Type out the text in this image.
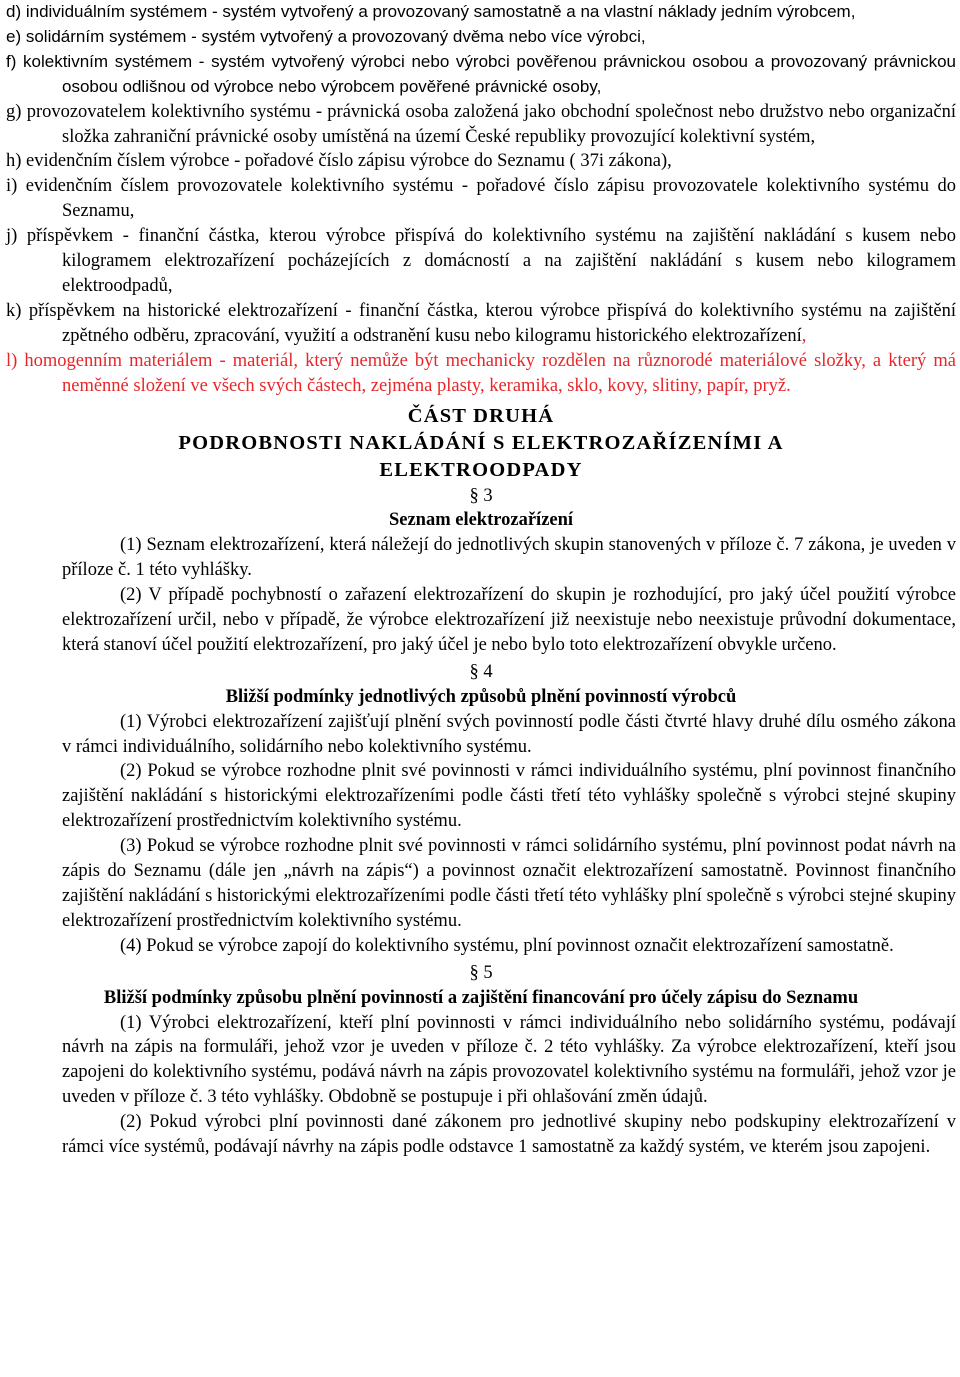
d) individuálním systémem - systém vytvořený a provozovaný samostatně a na vlastní náklady jedním výrobcem,

e) solidárním systémem - systém vytvořený a provozovaný dvěma nebo více výrobci,

f) kolektivním systémem - systém vytvořený výrobci nebo výrobci pověřenou právnickou osobou a provozovaný právnickou osobou odlišnou od výrobce nebo výrobcem pověřené právnické osoby,

g) provozovatelem kolektivního systému - právnická osoba založená jako obchodní společnost nebo družstvo nebo organizační složka zahraniční právnické osoby umístěná na území České republiky provozující kolektivní systém,

h) evidenčním číslem výrobce - pořadové číslo zápisu výrobce do Seznamu ( 37i zákona),

i) evidenčním číslem provozovatele kolektivního systému - pořadové číslo zápisu provozovatele kolektivního systému do Seznamu,

j) příspěvkem - finanční částka, kterou výrobce přispívá do kolektivního systému na zajištění nakládání s kusem nebo kilogramem elektrozařízení pocházejících z domácností a na zajištění nakládání s kusem nebo kilogramem elektroodpadů,

k) příspěvkem na historické elektrozařízení - finanční částka, kterou výrobce přispívá do kolektivního systému na zajištění zpětného odběru, zpracování, využití a odstranění kusu nebo kilogramu historického elektrozařízení,

l) homogenním materiálem - materiál, který nemůže být mechanicky rozdělen na různorodé materiálové složky, a který má neměnné složení ve všech svých částech, zejména plasty, keramika, sklo, kovy, slitiny, papír, pryž.

ČÁST DRUHÁ
PODROBNOSTI NAKLÁDÁNÍ S ELEKTROZAŘÍZENÍMI A ELEKTROODPADY
§ 3
Seznam elektrozařízení

(1) Seznam elektrozařízení, která náležejí do jednotlivých skupin stanovených v příloze č. 7 zákona, je uveden v příloze č. 1 této vyhlášky.

(2) V případě pochybností o zařazení elektrozařízení do skupin je rozhodující, pro jaký účel použití výrobce elektrozařízení určil, nebo v případě, že výrobce elektrozařízení již neexistuje nebo neexistuje průvodní dokumentace, která stanoví účel použití elektrozařízení, pro jaký účel je nebo bylo toto elektrozařízení obvykle určeno.

§ 4
Bližší podmínky jednotlivých způsobů plnění povinností výrobců

(1) Výrobci elektrozařízení zajišťují plnění svých povinností podle části čtvrté hlavy druhé dílu osmého zákona v rámci individuálního, solidárního nebo kolektivního systému.

(2) Pokud se výrobce rozhodne plnit své povinnosti v rámci individuálního systému, plní povinnost finančního zajištění nakládání s historickými elektrozařízeními podle části třetí této vyhlášky společně s výrobci stejné skupiny elektrozařízení prostřednictvím kolektivního systému.

(3) Pokud se výrobce rozhodne plnit své povinnosti v rámci solidárního systému, plní povinnost podat návrh na zápis do Seznamu (dále jen „návrh na zápis“) a povinnost označit elektrozařízení samostatně. Povinnost finančního zajištění nakládání s historickými elektrozařízeními podle části třetí této vyhlášky plní společně s výrobci stejné skupiny elektrozařízení prostřednictvím kolektivního systému.

(4) Pokud se výrobce zapojí do kolektivního systému, plní povinnost označit elektrozařízení samostatně.

§ 5
Bližší podmínky způsobu plnění povinností a zajištění financování pro účely zápisu do Seznamu

(1) Výrobci elektrozařízení, kteří plní povinnosti v rámci individuálního nebo solidárního systému, podávají návrh na zápis na formuláři, jehož vzor je uveden v příloze č. 2 této vyhlášky. Za výrobce elektrozařízení, kteří jsou zapojeni do kolektivního systému, podává návrh na zápis provozovatel kolektivního systému na formuláři, jehož vzor je uveden v příloze č. 3 této vyhlášky. Obdobně se postupuje i při ohlašování změn údajů.

(2) Pokud výrobci plní povinnosti dané zákonem pro jednotlivé skupiny nebo podskupiny elektrozařízení v rámci více systémů, podávají návrhy na zápis podle odstavce 1 samostatně za každý systém, ve kterém jsou zapojeni.
